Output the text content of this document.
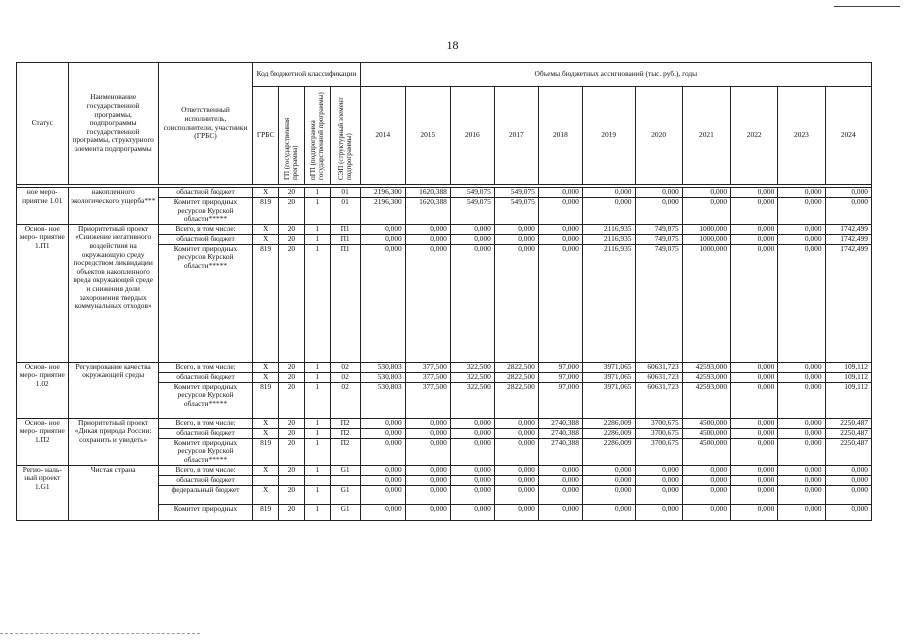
18
Статус	Наименование государственной программы, подпрограммы государственной программы, структурного элемента подпрограммы	Ответственный исполнитель, соисполнители, участники (ГРБС)	Код бюджетной классификации				Объемы бюджетных ассигнований (тыс. руб.), годы										
			ГРБС	ГП (государственная программа)	пГП (подпрограмма государственной программы)	СЭП (структурный элемент подпрограммы)	2014	2015	2016	2017	2018	2019	2020	2021	2022	2023	2024

ное меро- приятие 1.01	накопленного экологического ущерба***	областной бюджет	X	20	1	01	2196,300	1620,388	549,075	549,075	0,000	0,000	0,000	0,000	0,000	0,000	0,000
		Комитет природных ресурсов Курской области*****	819	20	1	01	2196,300	1620,388	549,075	549,075	0,000	0,000	0,000	0,000	0,000	0,000	0,000
Основ- ное меро- приятие 1.П1	Приоритетный проект «Снижение негативного воздействия на окружающую среду посредством ликвидации объектов накопленного вреда окружающей среде и снижения доли захоронения твердых коммунальных отходов»	Всего, в том числе:	X	20	1	П1	0,000	0,000	0,000	0,000	0,000	2116,935	749,075	1000,000	0,000	0,000	1742,499
		областной бюджет	X	20	1	П1	0,000	0,000	0,000	0,000	0,000	2116,935	749,075	1000,000	0,000	0,000	1742,499
		Комитет природных ресурсов Курской области*****	819	20	1	П1	0,000	0,000	0,000	0,000	0,000	2116,935	749,075	1000,000	0,000	0,000	1742,499
Основ- ное меро- приятие 1.02	Регулирование качества окружающей среды	Всего, в том числе:	X	20	1	02	530,803	377,500	322,500	2822,500	97,000	3971,065	60631,723	42593,000	0,000	0,000	109,112
		областной бюджет	X	20	1	02	530,803	377,500	322,500	2822,500	97,000	3971,065	60631,723	42593,000	0,000	0,000	109,112
		Комитет природных ресурсов Курской области*****	819	20	1	02	530,803	377,500	322,500	2822,500	97,000	3971,065	60631,723	42593,000	0,000	0,000	109,112
Основ- ное меро- приятие 1.П2	Приоритетный проект «Дикая природа России: сохранить и увидеть»	Всего, в том числе:	X	20	1	П2	0,000	0,000	0,000	0,000	2740,388	2286,009	3700,675	4500,000	0,000	0,000	2250,487
		областной бюджет	X	20	1	П2	0,000	0,000	0,000	0,000	2740,388	2286,009	3700,675	4500,000	0,000	0,000	2250,487
		Комитет природных ресурсов Курской области*****	819	20	1	П2	0,000	0,000	0,000	0,000	2740,388	2286,009	3700,675	4500,000	0,000	0,000	2250,487
Регио- наль- ный проект 1.G1	Чистая страна	Всего, в том числе:	X	20	1	G1	0,000	0,000	0,000	0,000	0,000	0,000	0,000	0,000	0,000	0,000	0,000
		областной бюджет					0,000	0,000	0,000	0,000	0,000	0,000	0,000	0,000	0,000	0,000	0,000
		федеральный бюджет	X	20	1	G1	0,000	0,000	0,000	0,000	0,000	0,000	0,000	0,000	0,000	0,000	0,000
		Комитет природных	819	20	1	G1	0,000	0,000	0,000	0,000	0,000	0,000	0,000	0,000	0,000	0,000	0,000
